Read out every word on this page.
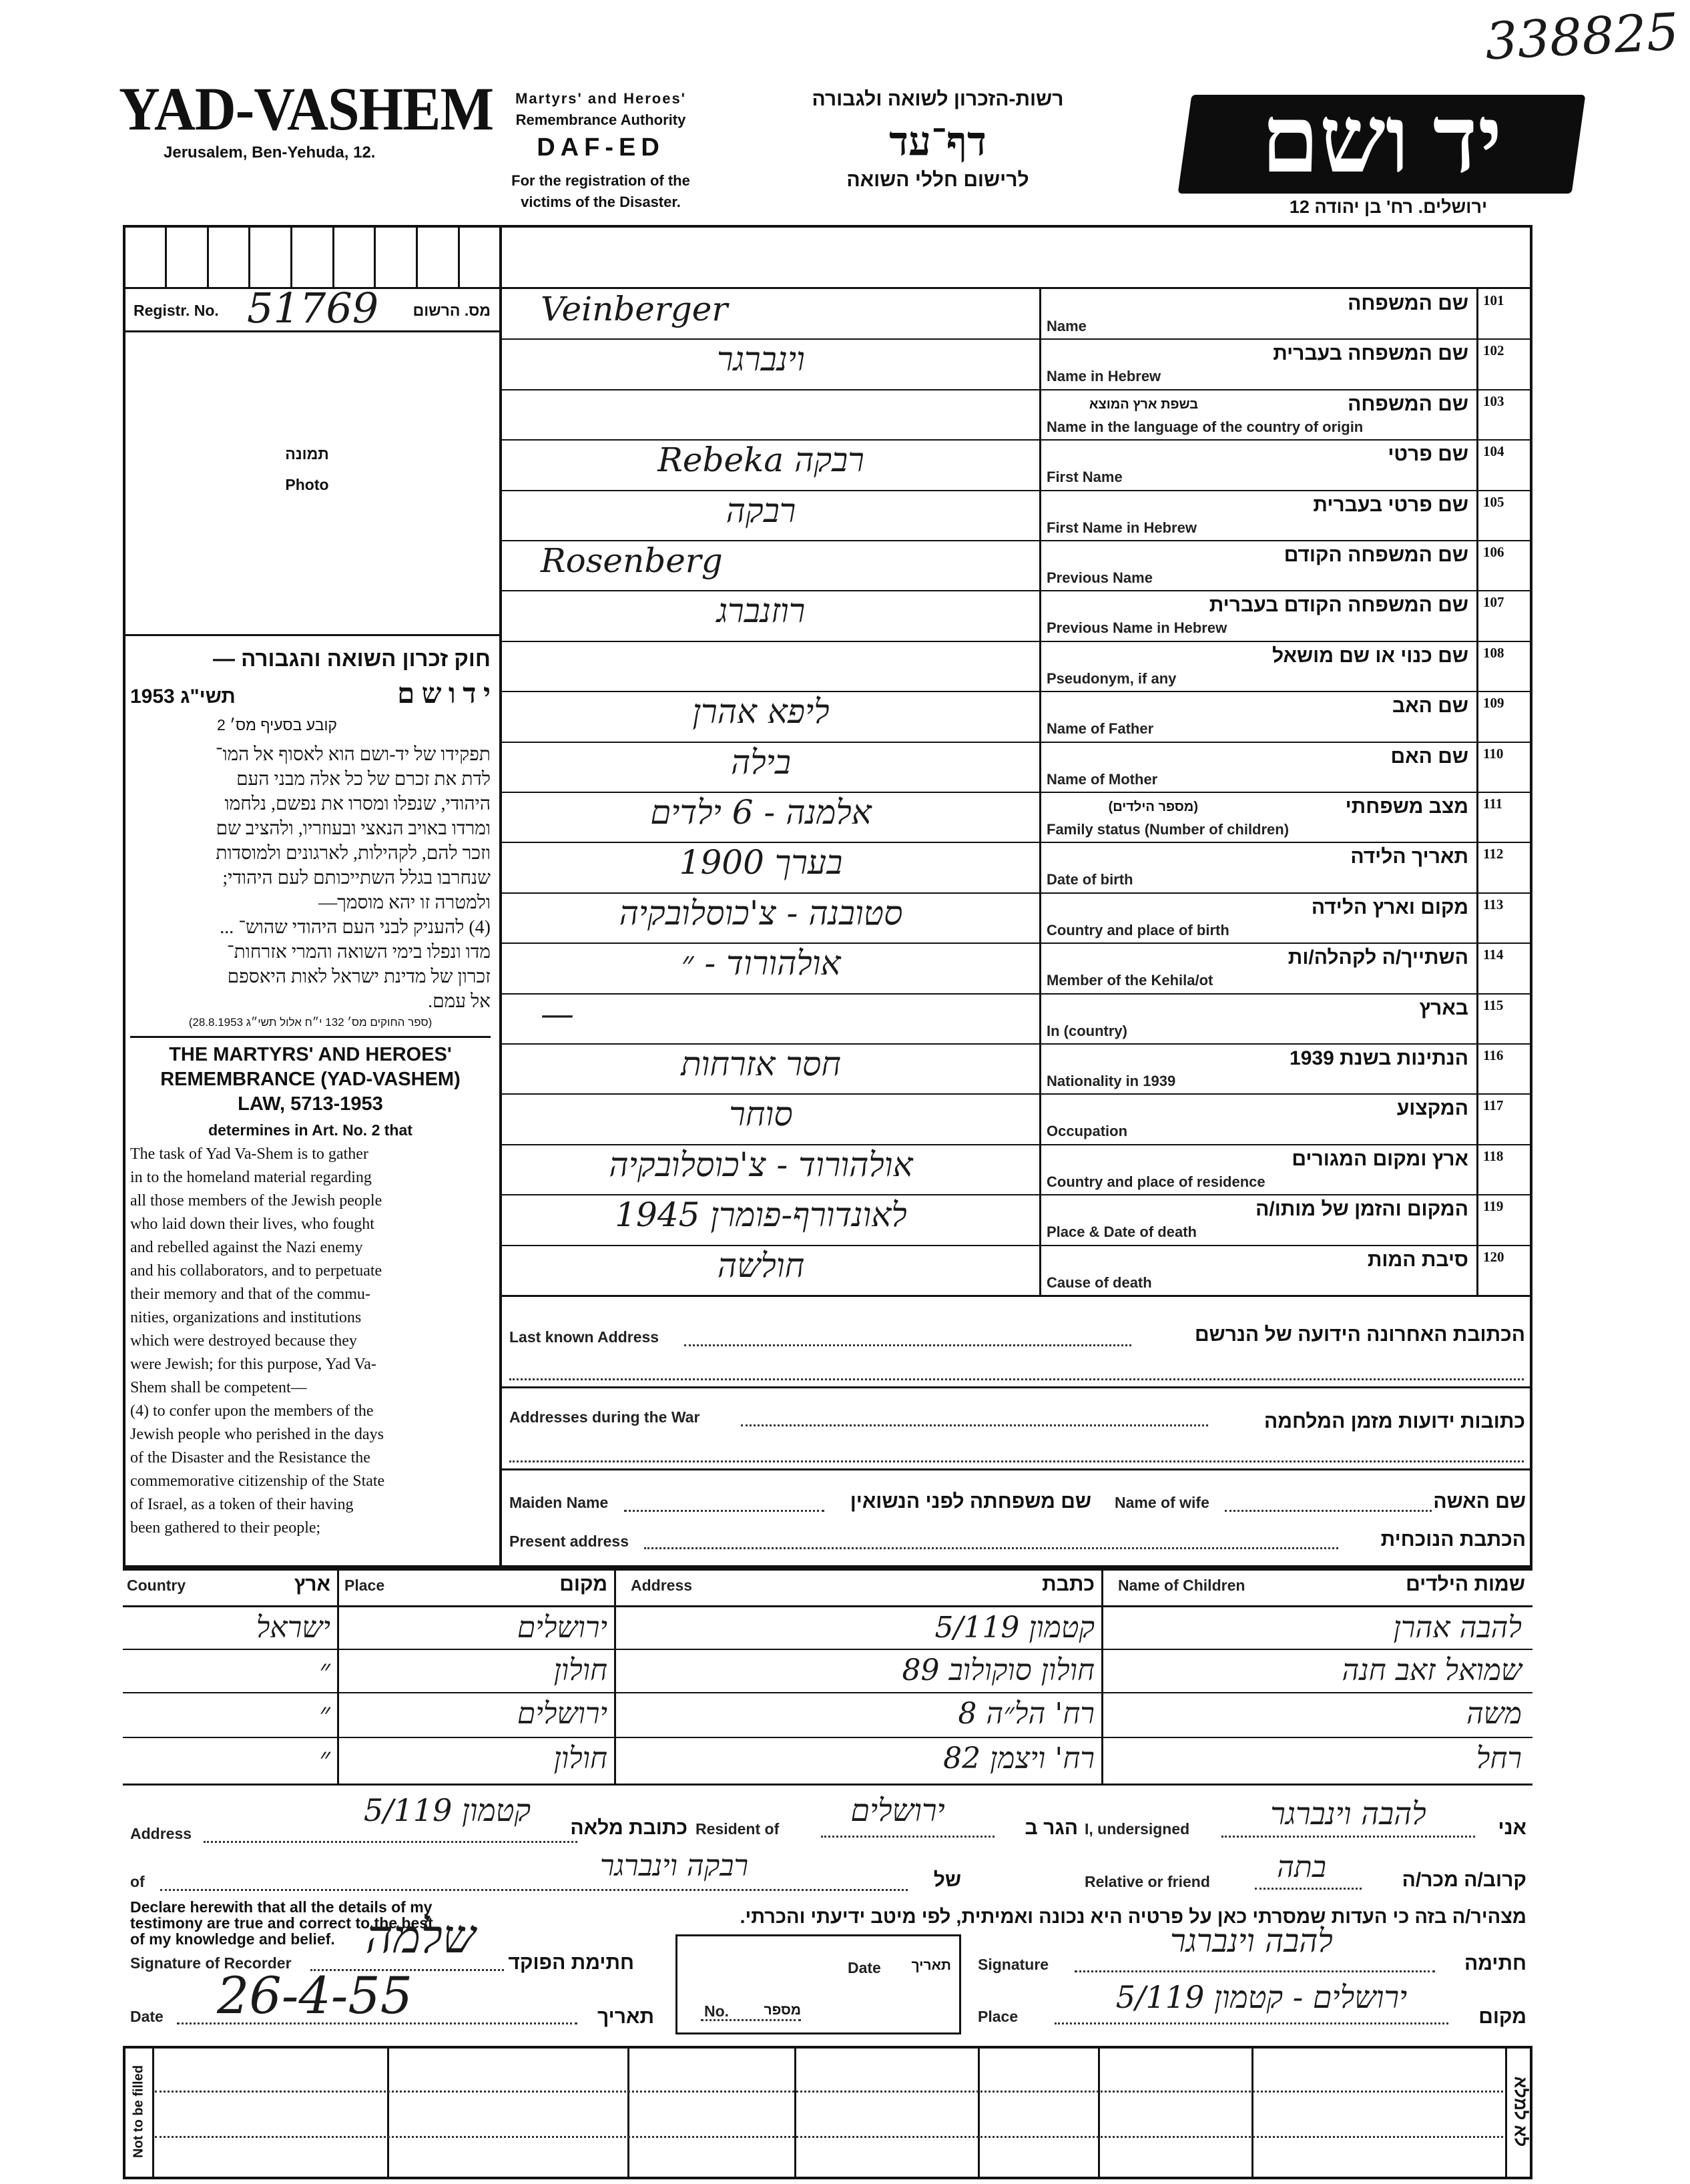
338825
YAD-VASHEM
Jerusalem, Ben-Yehuda, 12.
Martyrs' and Heroes'
Remembrance Authority
DAF-ED
For the registration of the
victims of the Disaster.
רשות-הזכרון לשואה ולגבורה
דף־עד
לרישום חללי השואה	יד ושם
ירושלים. רח' בן יהודה 12
Registr. No.	מס. הרשום
51769
תמונה
Photo
חוק זכרון השואה והגבורה —
י ד ו ש ם
תשי"ג 1953
קובע בסעיף מס׳ 2
תפקידו של יד-ושם הוא לאסוף אל המו־
לדת את זכרם של כל אלה מבני העם
היהודי, שנפלו ומסרו את נפשם, נלחמו
ומרדו באויב הנאצי ובעוזריו, ולהציב שם
וזכר להם, לקהילות, לארגונים ולמוסדות
שנחרבו בגלל השתייכותם לעם היהודי;
ולמטרה זו יהא מוסמך—
(4) להעניק לבני העם היהודי שהוש־ ...
מדו ונפלו בימי השואה והמרי אזרחות־
זכרון של מדינת ישראל לאות היאספם
אל עמם.
(ספר החוקים מס׳ 132 י״ח אלול תשי״ג 28.8.1953)
THE MARTYRS' AND HEROES'
REMEMBRANCE (YAD-VASHEM)
LAW, 5713-1953
determines in Art. No. 2 that
The task of Yad Va-Shem is to gather
in to the homeland material regarding
all those members of the Jewish people
who laid down their lives, who fought
and rebelled against the Nazi enemy
and his collaborators, and to perpetuate
their memory and that of the commu-
nities, organizations and institutions
which were destroyed because they
were Jewish; for this purpose, Yad Va-
Shem shall be competent—
(4) to confer upon the members of the
Jewish people who perished in the days
of the Disaster and the Resistance the
commemorative citizenship of the State
of Israel, as a token of their having
been gathered to their people;
101
שם המשפחה
Name
Veinberger
102
שם המשפחה בעברית
Name in Hebrew
וינברגר
103
שם המשפחה
בשפת ארץ המוצא
Name in the language of the country of origin
104
שם פרטי
First Name
רבקה Rebeka
105
שם פרטי בעברית
First Name in Hebrew
רבקה
106
שם המשפחה הקודם
Previous Name
Rosenberg
107
שם המשפחה הקודם בעברית
Previous Name in Hebrew
רוזנברג
108
שם כנוי או שם מושאל
Pseudonym, if any
109
שם האב
Name of Father
ליפא אהרן
110
שם האם
Name of Mother
בילה
111
מצב משפחתי
(מספר הילדים)
Family status (Number of children)
אלמנה - 6 ילדים
112
תאריך הלידה
Date of birth
בערך 1900
113
מקום וארץ הלידה
Country and place of birth
סטובנה - צ'כוסלובקיה
114
השתייך/ה לקהלה/ות
Member of the Kehila/ot
אולהורוד - ״
115
בארץ
In (country)
—
116
הנתינות בשנת 1939
Nationality in 1939
חסר אזרחות
117
המקצוע
Occupation
סוחר
118
ארץ ומקום המגורים
Country and place of residence
אולהורוד - צ'כוסלובקיה
119
המקום והזמן של מותו/ה
Place & Date of death
לאונדורף-פומרן 1945
120
סיבת המות
Cause of death
חולשה
Last known Address	הכתובת האחרונה הידועה של הנרשם
Addresses during the War	כתובות ידועות מזמן המלחמה
Maiden Name	שם משפחתה לפני הנשואין Name of wife	שם האשה
Present address	הכתבת הנוכחית
Country	ארץ Place	מקום Address	כתבת Name of Children	שמות הילדים
ישראל	ירושלים	קטמון 5/119	להבה אהרן
״	חולון	חולון סוקולוב 89	שמואל זאב חנה
״	ירושלים	רח' הל״ה 8	משה
״	חולון	רח' ויצמן 82	רחל
אני
להבה וינברגר
I, undersigned
הגר ב
ירושלים
Resident of
כתובת מלאה
קטמון 5/119
Address
קרוב/ה מכר/ה
בתה
Relative or friend
של
רבקה וינברגר
of
מצהיר/ה בזה כי העדות שמסרתי כאן על פרטיה היא נכונה ואמיתית, לפי מיטב ידיעתי והכרתי.
Declare herewith that all the details of my
testimony are true and correct to the best
of my knowledge and belief.
Signature of Recorder	שלמה	חתימת הפוקד
Date 26-4-55	תאריך
Date	תאריך
No.	מספר
Signature
להבה וינברגר
חתימה
Place
ירושלים - קטמון 5/119
מקום
Not to be filled	לא למלא
